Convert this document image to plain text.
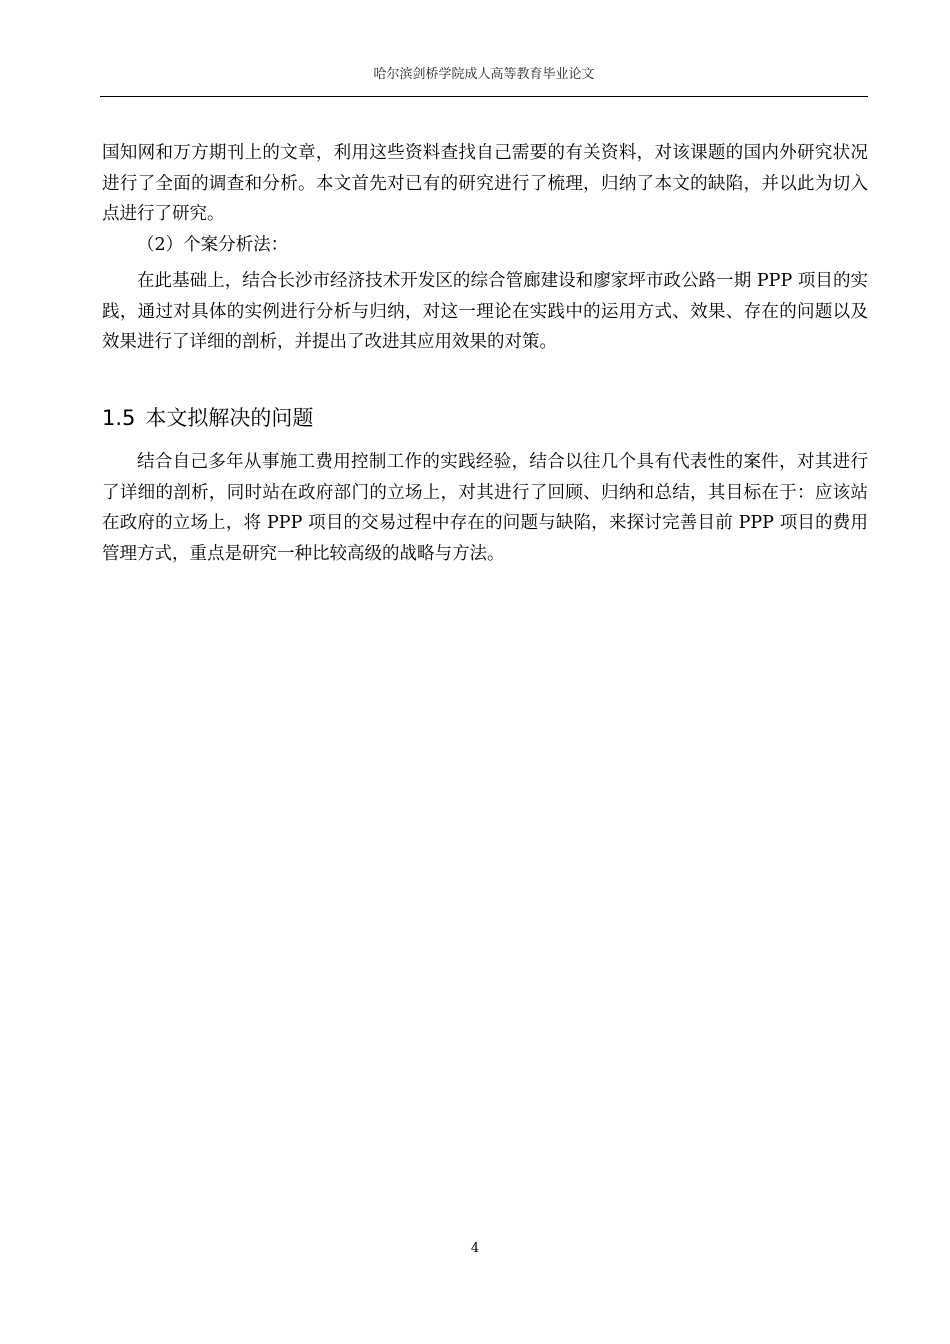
哈尔滨剑桥学院成人高等教育毕业论文

国知网和万方期刊上的文章，利用这些资料查找自己需要的有关资料，对该课题的国内外研究状况进行了全面的调查和分析。本文首先对已有的研究进行了梳理，归纳了本文的缺陷，并以此为切入点进行了研究。

（2）个案分析法：

在此基础上，结合长沙市经济技术开发区的综合管廊建设和廖家坪市政公路一期 PPP 项目的实践，通过对具体的实例进行分析与归纳，对这一理论在实践中的运用方式、效果、存在的问题以及效果进行了详细的剖析，并提出了改进其应用效果的对策。

1.5 本文拟解决的问题

结合自己多年从事施工费用控制工作的实践经验，结合以往几个具有代表性的案件，对其进行了详细的剖析，同时站在政府部门的立场上，对其进行了回顾、归纳和总结，其目标在于：应该站在政府的立场上，将 PPP 项目的交易过程中存在的问题与缺陷，来探讨完善目前 PPP 项目的费用管理方式，重点是研究一种比较高级的战略与方法。

4
